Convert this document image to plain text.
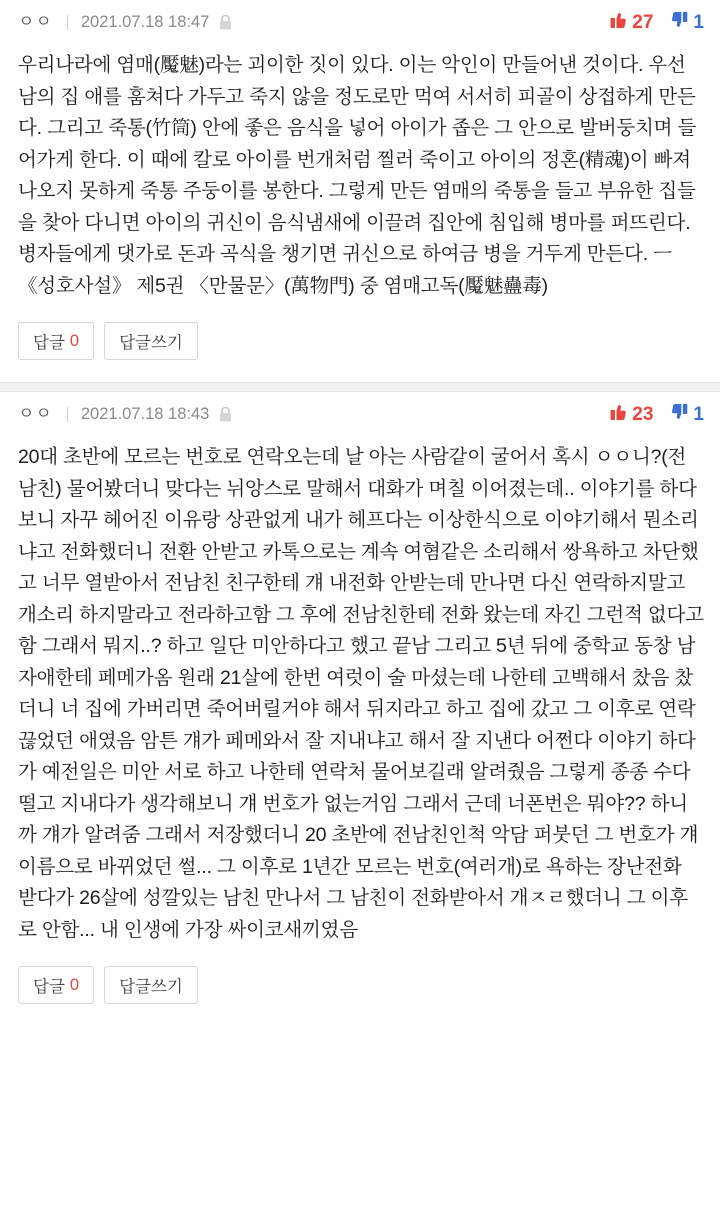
ㅇㅇ 2021.07.18 18:47	27 1
우리나라에 염매(魘魅)라는 괴이한 짓이 있다. 이는 악인이 만들어낸 것이다. 우선 남의 집 애를 훔쳐다 가두고 죽지 않을 정도로만 먹여 서서히 피골이 상접하게 만든다. 그리고 죽통(竹筒) 안에 좋은 음식을 넣어 아이가 좁은 그 안으로 발버둥치며 들어가게 한다. 이 때에 칼로 아이를 번개처럼 찔러 죽이고 아이의 정혼(精魂)이 빠져 나오지 못하게 죽통 주둥이를 봉한다. 그렇게 만든 염매의 죽통을 들고 부유한 집들을 찾아 다니면 아이의 귀신이 음식냄새에 이끌려 집안에 침입해 병마를 퍼뜨린다. 병자들에게 댓가로 돈과 곡식을 챙기면 귀신으로 하여금 병을 거두게 만든다. ㅡ 《성호사설》 제5권 〈만물문〉(萬物門) 중 염매고독(魘魅蠱毒)
답글 0	답글쓰기
ㅇㅇ 2021.07.18 18:43	23 1
20대 초반에 모르는 번호로 연락오는데 날 아는 사람같이 굴어서 혹시 ㅇㅇ니?(전남친) 물어봤더니 맞다는 뉘앙스로 말해서 대화가 며칠 이어졌는데.. 이야기를 하다보니 자꾸 헤어진 이유랑 상관없게 내가 헤프다는 이상한식으로 이야기해서 뭔소리냐고 전화했더니 전환 안받고 카톡으로는 계속 여혐같은 소리해서 쌍욕하고 차단했고 너무 열받아서 전남친 친구한테 걔 내전화 안받는데 만나면 다신 연락하지말고 개소리 하지말라고 전라하고함 그 후에 전남친한테 전화 왔는데 자긴 그런적 없다고 함 그래서 뭐지..? 하고 일단 미안하다고 했고 끝남 그리고 5년 뒤에 중학교 동창 남자애한테 페메가옴 원래 21살에 한번 여럿이 술 마셨는데 나한테 고백해서 찼음 찼더니 너 집에 가버리면 죽어버릴거야 해서 뒤지라고 하고 집에 갔고 그 이후로 연락 끊었던 애였음 암튼 걔가 페메와서 잘 지내냐고 해서 잘 지낸다 어쩐다 이야기 하다가 예전일은 미안 서로 하고 나한테 연락처 물어보길래 알려줬음 그렇게 종종 수다 떨고 지내다가 생각해보니 걔 번호가 없는거임 그래서 근데 너폰번은 뭐야?? 하니까 걔가 알려줌 그래서 저장했더니 20 초반에 전남친인척 악담 퍼붓던 그 번호가 걔 이름으로 바뀌었던 썰... 그 이후로 1년간 모르는 번호(여러개)로 욕하는 장난전화 받다가 26살에 성깔있는 남친 만나서 그 남친이 전화받아서 개ㅈㄹ했더니 그 이후로 안함... 내 인생에 가장 싸이코새끼였음
답글 0	답글쓰기
